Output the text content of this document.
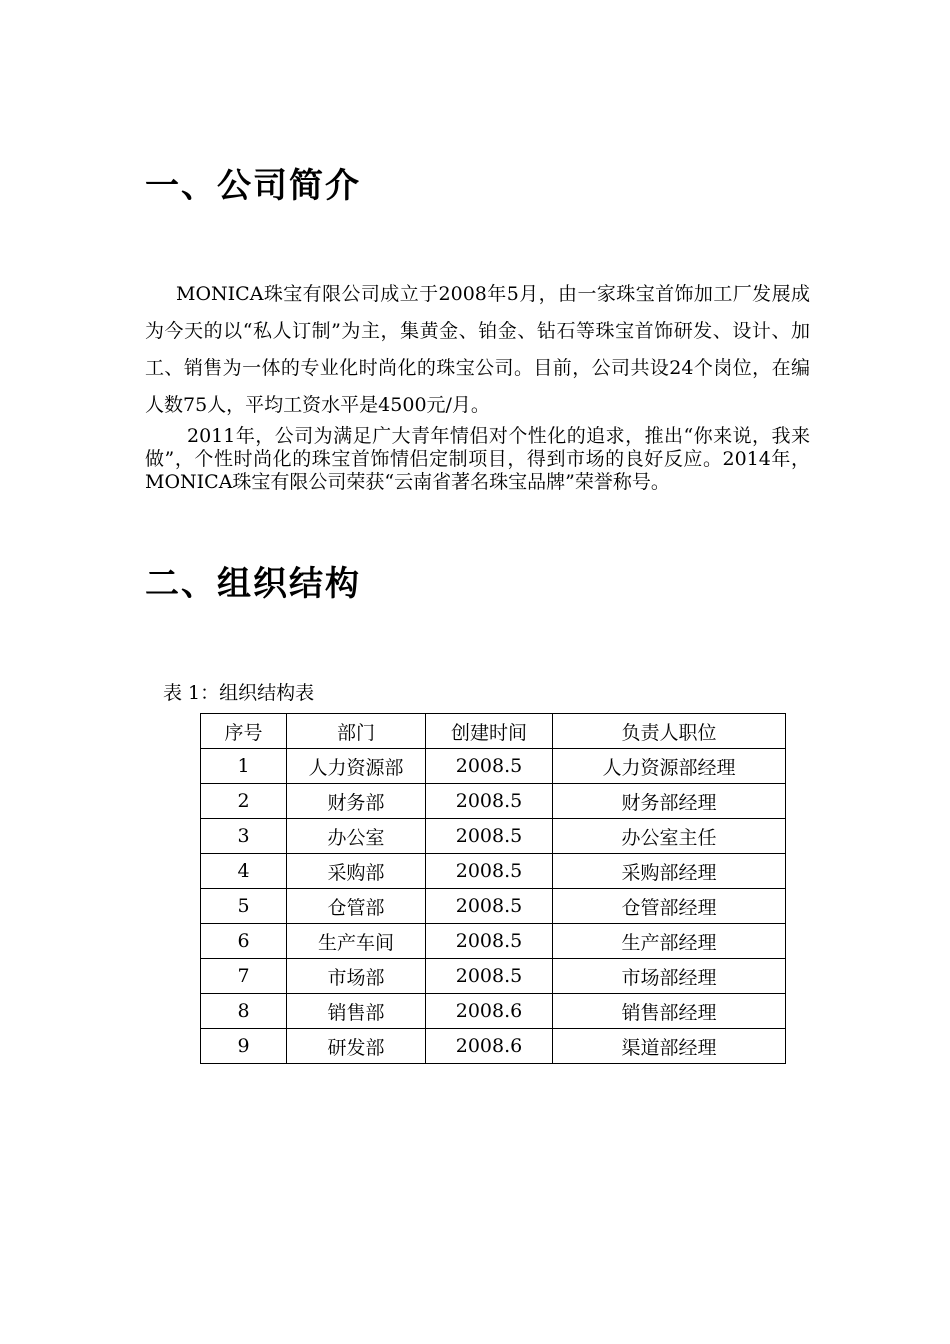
一、公司简介

MONICA珠宝有限公司成立于2008年5月，由一家珠宝首饰加工厂发展成为今天的以“私人订制”为主，集黄金、铂金、钻石等珠宝首饰研发、设计、加工、销售为一体的专业化时尚化的珠宝公司。目前，公司共设24个岗位，在编人数75人，平均工资水平是4500元/月。

2011年，公司为满足广大青年情侣对个性化的追求，推出“你来说，我来做”，个性时尚化的珠宝首饰情侣定制项目，得到市场的良好反应。2014年，MONICA珠宝有限公司荣获“云南省著名珠宝品牌”荣誉称号。

二、组织结构

表 1：组织结构表

序号	部门	创建时间	负责人职位
1	人力资源部	2008.5	人力资源部经理
2	财务部	2008.5	财务部经理
3	办公室	2008.5	办公室主任
4	采购部	2008.5	采购部经理
5	仓管部	2008.5	仓管部经理
6	生产车间	2008.5	生产部经理
7	市场部	2008.5	市场部经理
8	销售部	2008.6	销售部经理
9	研发部	2008.6	渠道部经理
